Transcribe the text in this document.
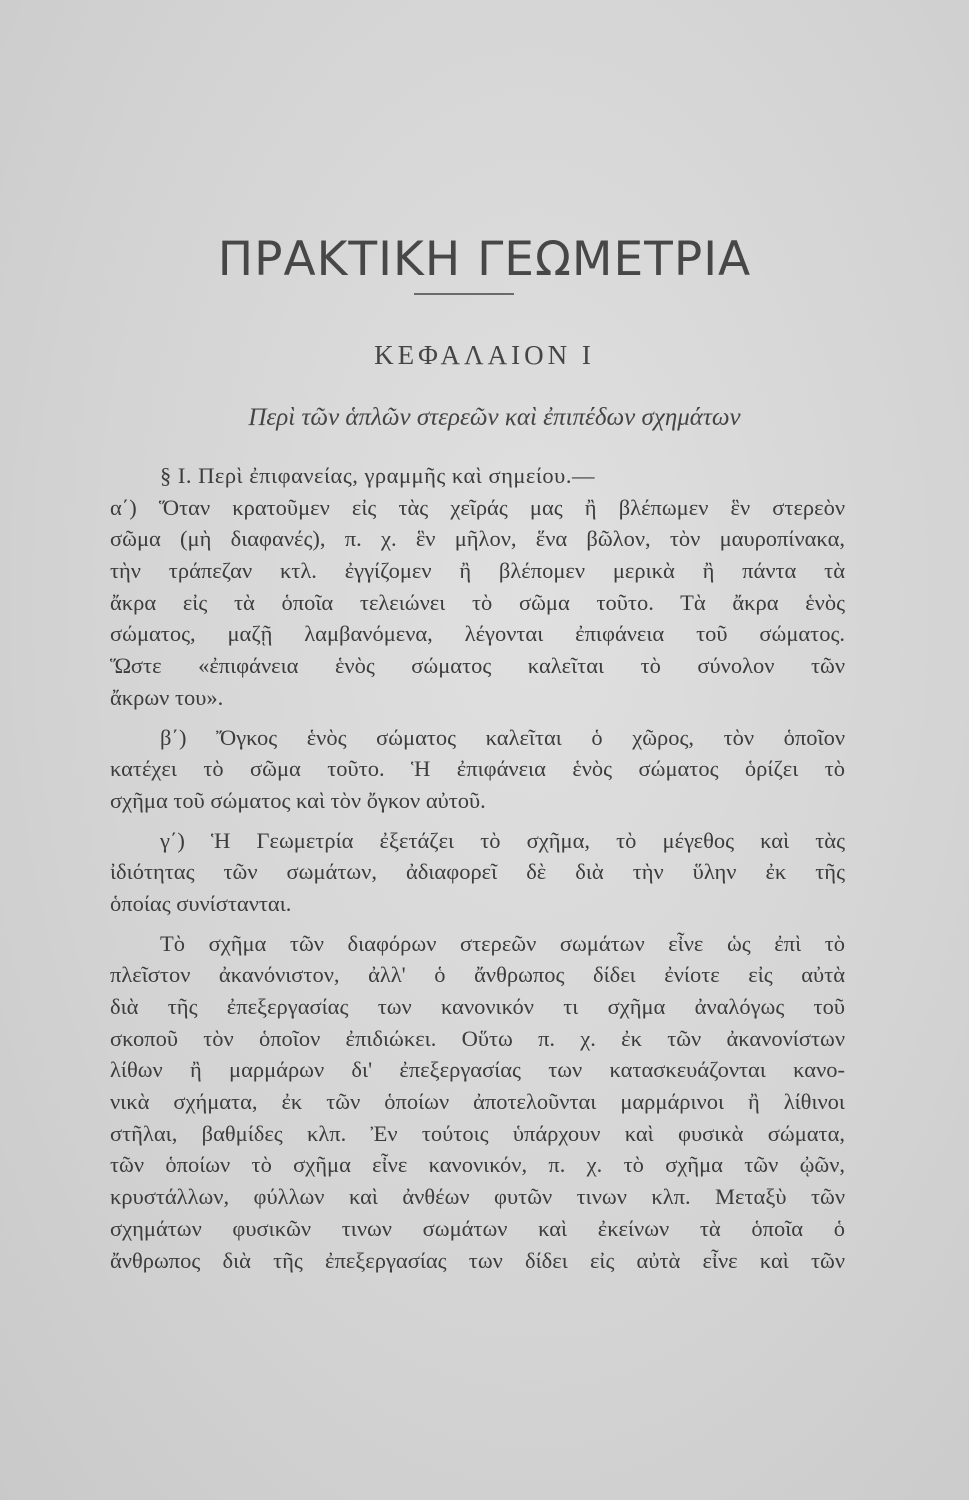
ΠΡΑΚΤΙΚΗ ΓΕΩΜΕΤΡΙΑ
ΚΕΦΑΛΑΙΟΝ Ι
Περὶ τῶν ἁπλῶν στερεῶν καὶ ἐπιπέδων σχημάτων
§ Ι. Περὶ ἐπιφανείας, γραμμῆς καὶ σημείου.—
α΄) Ὅταν κρατοῦμεν εἰς τὰς χεῖράς μας ἢ βλέπωμεν ἓν στερεὸν
σῶμα (μὴ διαφανές), π. χ. ἓν μῆλον, ἕνα βῶλον, τὸν μαυροπίνακα,
τὴν τράπεζαν κτλ. ἐγγίζομεν ἢ βλέπομεν μερικὰ ἢ πάντα τὰ
ἄκρα εἰς τὰ ὁποῖα τελειώνει τὸ σῶμα τοῦτο. Τὰ ἄκρα ἑνὸς
σώματος, μαζῇ λαμβανόμενα, λέγονται ἐπιφάνεια τοῦ σώματος.
Ὥστε «ἐπιφάνεια ἑνὸς σώματος καλεῖται τὸ σύνολον τῶν
ἄκρων του».
β΄) Ὄγκος ἑνὸς σώματος καλεῖται ὁ χῶρος, τὸν ὁποῖον
κατέχει τὸ σῶμα τοῦτο. Ἡ ἐπιφάνεια ἑνὸς σώματος ὁρίζει τὸ
σχῆμα τοῦ σώματος καὶ τὸν ὄγκον αὐτοῦ.
γ΄) Ἡ Γεωμετρία ἐξετάζει τὸ σχῆμα, τὸ μέγεθος καὶ τὰς
ἰδιότητας τῶν σωμάτων, ἀδιαφορεῖ δὲ διὰ τὴν ὕλην ἐκ τῆς
ὁποίας συνίστανται.
Τὸ σχῆμα τῶν διαφόρων στερεῶν σωμάτων εἶνε ὡς ἐπὶ τὸ
πλεῖστον ἀκανόνιστον, ἀλλ' ὁ ἄνθρωπος δίδει ἐνίοτε εἰς αὐτὰ
διὰ τῆς ἐπεξεργασίας των κανονικόν τι σχῆμα ἀναλόγως τοῦ
σκοποῦ τὸν ὁποῖον ἐπιδιώκει. Οὕτω π. χ. ἐκ τῶν ἀκανονίστων
λίθων ἢ μαρμάρων δι' ἐπεξεργασίας των κατασκευάζονται κανο-
νικὰ σχήματα, ἐκ τῶν ὁποίων ἀποτελοῦνται μαρμάρινοι ἢ λίθινοι
στῆλαι, βαθμίδες κλπ. Ἐν τούτοις ὑπάρχουν καὶ φυσικὰ σώματα,
τῶν ὁποίων τὸ σχῆμα εἶνε κανονικόν, π. χ. τὸ σχῆμα τῶν ᾠῶν,
κρυστάλλων, φύλλων καὶ ἀνθέων φυτῶν τινων κλπ. Μεταξὺ τῶν
σχημάτων φυσικῶν τινων σωμάτων καὶ ἐκείνων τὰ ὁποῖα ὁ
ἄνθρωπος διὰ τῆς ἐπεξεργασίας των δίδει εἰς αὐτὰ εἶνε καὶ τῶν
